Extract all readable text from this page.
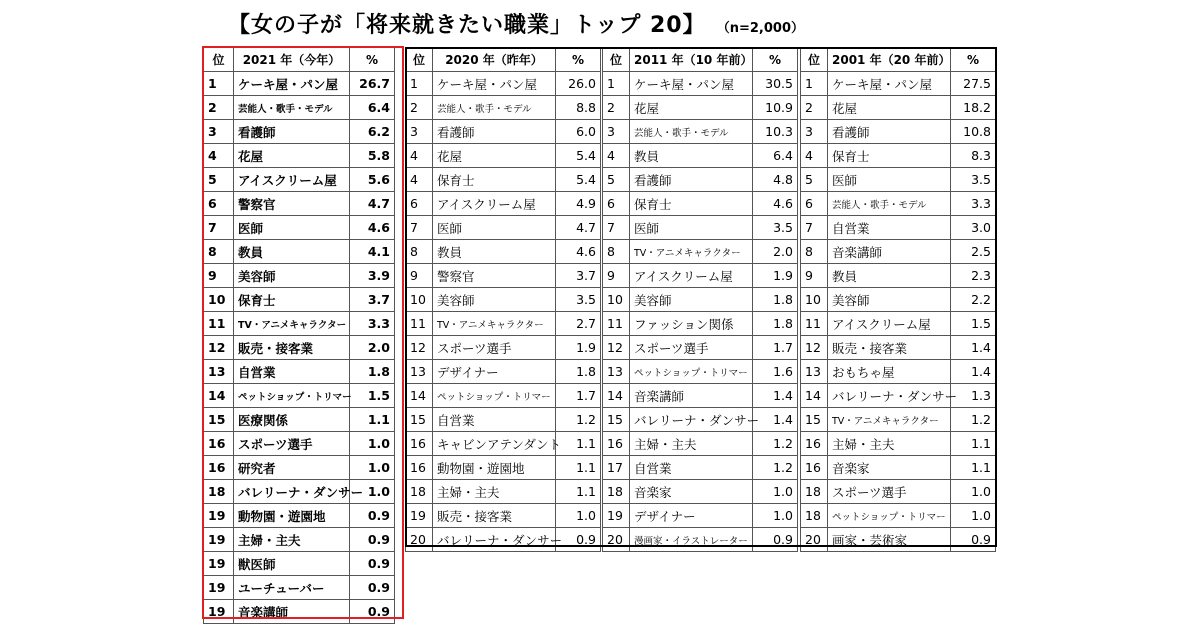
【女の子が「将来就きたい職業」トップ 20】 （n=2,000）
位	2021 年（今年）	%
1	ケーキ屋・パン屋	26.7
2	芸能人・歌手・モデル	6.4
3	看護師	6.2
4	花屋	5.8
5	アイスクリーム屋	5.6
6	警察官	4.7
7	医師	4.6
8	教員	4.1
9	美容師	3.9
10	保育士	3.7
11	TV・アニメキャラクター	3.3
12	販売・接客業	2.0
13	自営業	1.8
14	ペットショップ・トリマー	1.5
15	医療関係	1.1
16	スポーツ選手	1.0
16	研究者	1.0
18	バレリーナ・ダンサー	1.0
19	動物園・遊園地	0.9
19	主婦・主夫	0.9
19	獣医師	0.9
19	ユーチューバー	0.9
19	音楽講師	0.9
位	2020 年（昨年）	%
1	ケーキ屋・パン屋	26.0
2	芸能人・歌手・モデル	8.8
3	看護師	6.0
4	花屋	5.4
4	保育士	5.4
6	アイスクリーム屋	4.9
7	医師	4.7
8	教員	4.6
9	警察官	3.7
10	美容師	3.5
11	TV・アニメキャラクター	2.7
12	スポーツ選手	1.9
13	デザイナー	1.8
14	ペットショップ・トリマー	1.7
15	自営業	1.2
16	キャビンアテンダント	1.1
16	動物園・遊園地	1.1
18	主婦・主夫	1.1
19	販売・接客業	1.0
20	バレリーナ・ダンサー	0.9
位	2011 年（10 年前）	%
1	ケーキ屋・パン屋	30.5
2	花屋	10.9
3	芸能人・歌手・モデル	10.3
4	教員	6.4
5	看護師	4.8
6	保育士	4.6
7	医師	3.5
8	TV・アニメキャラクター	2.0
9	アイスクリーム屋	1.9
10	美容師	1.8
11	ファッション関係	1.8
12	スポーツ選手	1.7
13	ペットショップ・トリマー	1.6
14	音楽講師	1.4
15	バレリーナ・ダンサー	1.4
16	主婦・主夫	1.2
17	自営業	1.2
18	音楽家	1.0
19	デザイナー	1.0
20	漫画家・イラストレーター	0.9
位	2001 年（20 年前）	%
1	ケーキ屋・パン屋	27.5
2	花屋	18.2
3	看護師	10.8
4	保育士	8.3
5	医師	3.5
6	芸能人・歌手・モデル	3.3
7	自営業	3.0
8	音楽講師	2.5
9	教員	2.3
10	美容師	2.2
11	アイスクリーム屋	1.5
12	販売・接客業	1.4
13	おもちゃ屋	1.4
14	バレリーナ・ダンサー	1.3
15	TV・アニメキャラクター	1.2
16	主婦・主夫	1.1
16	音楽家	1.1
18	スポーツ選手	1.0
18	ペットショップ・トリマー	1.0
20	画家・芸術家	0.9
